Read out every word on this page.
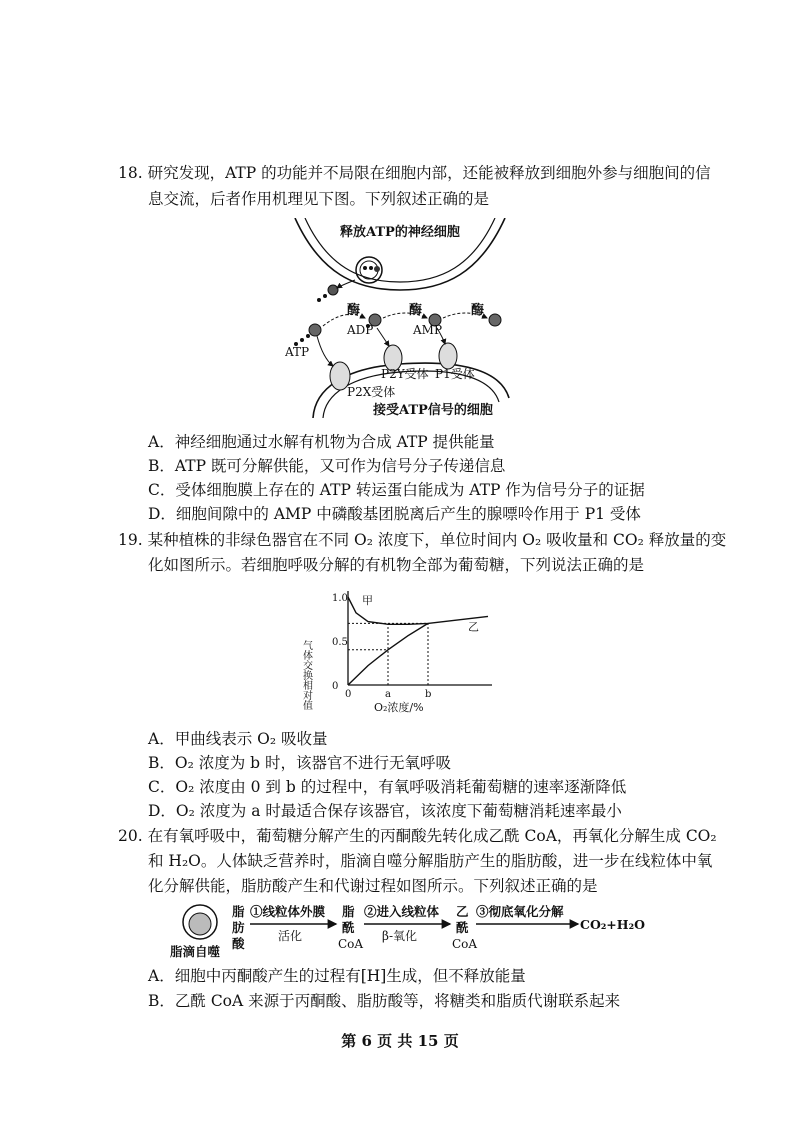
18. 研究发现，ATP 的功能并不局限在细胞内部，还能被释放到细胞外参与细胞间的信
息交流，后者作用机理见下图。下列叙述正确的是
释放ATP的神经细胞
酶	酶	酶
ADP	AMP
ATP
P2Y受体 P1受体
P2X受体
接受ATP信号的细胞
A．神经细胞通过水解有机物为合成 ATP 提供能量
B．ATP 既可分解供能，又可作为信号分子传递信息
C．受体细胞膜上存在的 ATP 转运蛋白能成为 ATP 作为信号分子的证据
D．细胞间隙中的 AMP 中磷酸基团脱离后产生的腺嘌呤作用于 P1 受体
19. 某种植株的非绿色器官在不同 O₂ 浓度下，单位时间内 O₂ 吸收量和 CO₂ 释放量的变
化如图所示。若细胞呼吸分解的有机物全部为葡萄糖，下列说法正确的是
气体交换相对值	O₂浓度/%
0
0.5
1.0
0	a	b
甲
乙
A．甲曲线表示 O₂ 吸收量
B．O₂ 浓度为 b 时，该器官不进行无氧呼吸
C．O₂ 浓度由 0 到 b 的过程中，有氧呼吸消耗葡萄糖的速率逐渐降低
D．O₂ 浓度为 a 时最适合保存该器官，该浓度下葡萄糖消耗速率最小
20. 在有氧呼吸中，葡萄糖分解产生的丙酮酸先转化成乙酰 CoA，再氧化分解生成 CO₂
和 H₂O。人体缺乏营养时，脂滴自噬分解脂肪产生的脂肪酸，进一步在线粒体中氧
化分解供能，脂肪酸产生和代谢过程如图所示。下列叙述正确的是
脂滴自噬
脂
肪
酸
①线粒体外膜
活化
脂
酰
CoA
②进入线粒体
β-氧化
乙
酰
CoA
③彻底氧化分解
CO₂+H₂O
A．细胞中丙酮酸产生的过程有[H]生成，但不释放能量
B．乙酰 CoA 来源于丙酮酸、脂肪酸等，将糖类和脂质代谢联系起来
第 6 页 共 15 页
